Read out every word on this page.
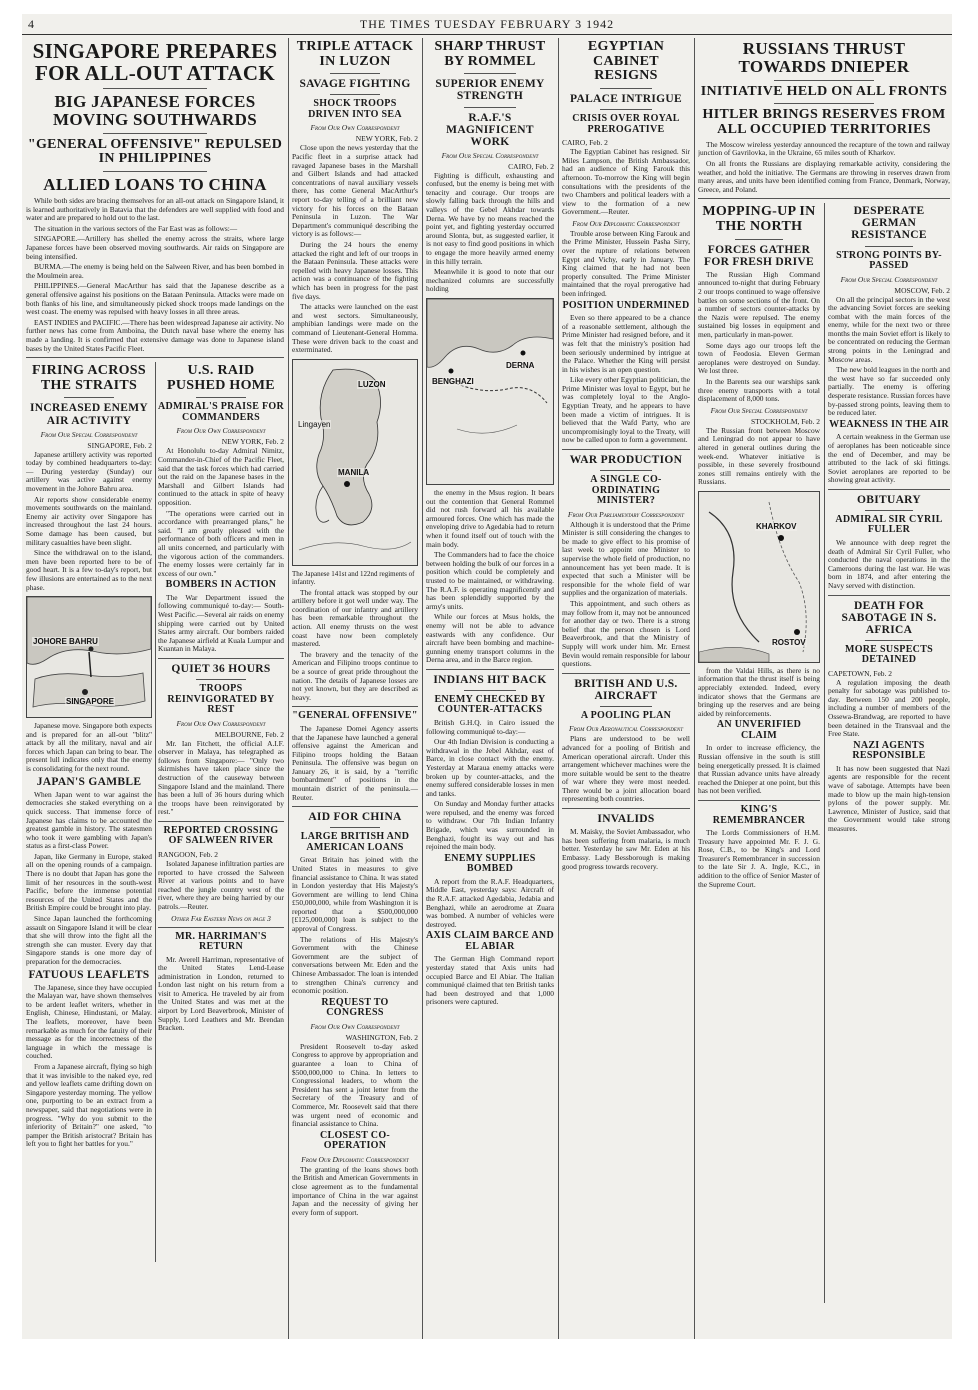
4	THE TIMES TUESDAY FEBRUARY 3 1942
SINGAPORE PREPARES FOR ALL-OUT ATTACK
BIG JAPANESE FORCES MOVING SOUTHWARDS
"GENERAL OFFENSIVE" REPULSED IN PHILIPPINES
ALLIED LOANS TO CHINA

While both sides are bracing themselves for an all-out attack on Singapore Island, it is learned authoritatively in Batavia that the defenders are well supplied with food and water and are prepared to hold out to the last.

The situation in the various sectors of the Far East was as follows:—

SINGAPORE.—Artillery has shelled the enemy across the straits, where large Japanese forces have been observed moving southwards. Air raids on Singapore are being intensified.

BURMA.—The enemy is being held on the Salween River, and has been bombed in the Moulmein area.

PHILIPPINES.—General MacArthur has said that the Japanese describe as a general offensive against his positions on the Bataan Peninsula. Attacks were made on both flanks of his line, and simultaneously picked shock troops made landings on the west coast. The enemy was repulsed with heavy losses in all three areas.

EAST INDIES and PACIFIC.—There has been widespread Japanese air activity. No further news has come from Amboina, the Dutch naval base where the enemy has made a landing. It is confirmed that extensive damage was done to Japanese island bases by the United States Pacific Fleet.

FIRING ACROSS THE STRAITS
INCREASED ENEMY AIR ACTIVITY
From Our Special Correspondent
SINGAPORE, Feb. 2

Japanese artillery activity was reported today by combined headquarters to-day:— During yesterday (Sunday) our artillery was active against enemy movement in the Johore Bahru area.

Air reports show considerable enemy movements southwards on the mainland. Enemy air activity over Singapore has increased throughout the last 24 hours. Some damage has been caused, but military casualties have been slight.

Since the withdrawal on to the island, men have been reported here to be of good heart. It is a few to-day's report, but few illusions are entertained as to the next phase.

JOHORE BAHRU
SINGAPORE

Japanese move. Singapore both expects and is prepared for an all-out "blitz" attack by all the military, naval and air forces which Japan can bring to bear. The present lull indicates only that the enemy is consolidating for the next round.

JAPAN'S GAMBLE

When Japan went to war against the democracies she staked everything on a quick success. That immense force of Japanese has claims to be accounted the greatest gamble in history. The statesmen who took it were gambling with Japan's status as a first-class Power.

Japan, like Germany in Europe, staked all on the opening rounds of a campaign. There is no doubt that Japan has gone the limit of her resources in the south-west Pacific, before the immense potential resources of the United States and the British Empire could be brought into play.

Since Japan launched the forthcoming assault on Singapore Island it will be clear that she will throw into the fight all the strength she can muster. Every day that Singapore stands is one more day of preparation for the democracies.

FATUOUS LEAFLETS

The Japanese, since they have occupied the Malayan war, have shown themselves to be ardent leaflet writers, whether in English, Chinese, Hindustani, or Malay. The leaflets, moreover, have been remarkable as much for the fatuity of their message as for the incorrectness of the language in which the message is couched.

From a Japanese aircraft, flying so high that it was invisible to the naked eye, red and yellow leaflets came drifting down on Singapore yesterday morning. The yellow one, purporting to be an extract from a newspaper, said that negotiations were in progress. "Why do you submit to the inferiority of Britain?" one asked, "to pamper the British aristocrat? Britain has left you to fight her battles for you."

U.S. RAID PUSHED HOME
ADMIRAL'S PRAISE FOR COMMANDERS
From Our Own Correspondent
NEW YORK, Feb. 2

At Honolulu to-day Admiral Nimitz, Commander-in-Chief of the Pacific Fleet, said that the task forces which had carried out the raid on the Japanese bases in the Marshall and Gilbert Islands had continued to the attack in spite of heavy opposition.

"The operations were carried out in accordance with prearranged plans," he said. "I am greatly pleased with the performance of both officers and men in all units concerned, and particularly with the vigorous action of the commanders. The enemy losses were certainly far in excess of our own."

BOMBERS IN ACTION

The War Department issued the following communiqué to-day:— South-West Pacific.—Several air raids on enemy shipping were carried out by United States army aircraft. Our bombers raided the Japanese airfield at Kuala Lumpur and Kuantan in Malaya.

QUIET 36 HOURS
TROOPS REINVIGORATED BY REST
From Our Own Correspondent
MELBOURNE, Feb. 2

Mr. Ian Fitchett, the official A.I.F. observer in Malaya, has telegraphed as follows from Singapore:— "Only two skirmishes have taken place since the destruction of the causeway between Singapore Island and the mainland. There has been a lull of 36 hours during which the troops have been reinvigorated by rest."

REPORTED CROSSING OF SALWEEN RIVER
RANGOON, Feb. 2

Isolated Japanese infiltration parties are reported to have crossed the Salween River at various points and to have reached the jungle country west of the river, where they are being harried by our patrols.—Reuter.

Other Far Eastern News on page 3
MR. HARRIMAN'S RETURN

Mr. Averell Harriman, representative of the United States Lend-Lease administration in London, returned to London last night on his return from a visit to America. He traveled by air from the United States and was met at the airport by Lord Beaverbrook, Minister of Supply, Lord Leathers and Mr. Brendan Bracken.

TRIPLE ATTACK IN LUZON
SAVAGE FIGHTING
SHOCK TROOPS DRIVEN INTO SEA
From Our Own Correspondent
NEW YORK, Feb. 2

Close upon the news yesterday that the Pacific fleet in a surprise attack had ravaged Japanese bases in the Marshall and Gilbert Islands and had attacked concentrations of naval auxiliary vessels there, has come General MacArthur's report to-day telling of a brilliant new victory for his forces on the Bataan Peninsula in Luzon. The War Department's communiqué describing the victory is as follows:—

During the 24 hours the enemy attacked the right and left of our troops in the Bataan Peninsula. These attacks were repelled with heavy Japanese losses. This action was a continuance of the fighting which has been in progress for the past five days.

The attacks were launched on the east and west sectors. Simultaneously, amphibian landings were made on the command of Lieutenant-General Homma. These were driven back to the coast and exterminated.

LUZON
MANILA
Lingayen
The Japanese 141st and 122nd regiments of infantry.

The frontal attack was stopped by our artillery before it got well under way. The coordination of our infantry and artillery has been remarkable throughout the action. All enemy thrusts on the west coast have now been completely mastered.

The bravery and the tenacity of the American and Filipino troops continue to be a source of great pride throughout the nation. The details of Japanese losses are not yet known, but they are described as heavy.

"GENERAL OFFENSIVE"

The Japanese Domei Agency asserts that the Japanese have launched a general offensive against the American and Filipino troops holding the Bataan Peninsula. The offensive was begun on January 26, it is said, by a "terrific bombardment" of positions in the mountain district of the peninsula.—Reuter.

AID FOR CHINA
LARGE BRITISH AND AMERICAN LOANS

Great Britain has joined with the United States in measures to give financial assistance to China. It was stated in London yesterday that His Majesty's Government are willing to lend China £50,000,000, while from Washington it is reported that a $500,000,000 [£125,000,000] loan is subject to the approval of Congress.

The relations of His Majesty's Government with the Chinese Government are the subject of conversations between Mr. Eden and the Chinese Ambassador. The loan is intended to strengthen China's currency and economic position.

REQUEST TO CONGRESS
From Our Own Correspondent
WASHINGTON, Feb. 2

President Roosevelt to-day asked Congress to approve by appropriation and guarantee a loan to China of $500,000,000 to China. In letters to Congressional leaders, to whom the President has sent a joint letter from the Secretary of the Treasury and of Commerce, Mr. Roosevelt said that there was urgent need of economic and financial assistance to China.

CLOSEST CO-OPERATION
From Our Diplomatic Correspondent

The granting of the loans shows both the British and American Governments in close agreement as to the fundamental importance of China in the war against Japan and the necessity of giving her every form of support.

SHARP THRUST BY ROMMEL
SUPERIOR ENEMY STRENGTH
R.A.F.'S MAGNIFICENT WORK
From Our Special Correspondent
CAIRO, Feb. 2

Fighting is difficult, exhausting and confused, but the enemy is being met with tenacity and courage. Our troops are slowly falling back through the hills and valleys of the Gebel Akhdar towards Derna. We have by no means reached the point yet, and fighting yesterday occurred around Slonta, but, as suggested earlier, it is not easy to find good positions in which to engage the more heavily armed enemy in this hilly terrain.

Meanwhile it is good to note that our mechanized columns are successfully holding

BENGHAZI
DERNA

the enemy in the Msus region. It bears out the contention that General Rommel did not rush forward all his available armoured forces. One which has made the enveloping drive to Agedabia had to return when it found itself out of touch with the main body.

The Commanders had to face the choice between holding the bulk of our forces in a position which could be completely and trusted to be maintained, or withdrawing. The R.A.F. is operating magnificently and has been splendidly supported by the army's units.

While our forces at Msus holds, the enemy will not be able to advance eastwards with any confidence. Our aircraft have been bombing and machine-gunning enemy transport columns in the Derna area, and in the Barce region.

INDIANS HIT BACK
ENEMY CHECKED BY COUNTER-ATTACKS

British G.H.Q. in Cairo issued the following communiqué to-day:—

Our 4th Indian Division is conducting a withdrawal in the Jebel Akhdar, east of Barce, in close contact with the enemy. Yesterday at Maraua enemy attacks were broken up by counter-attacks, and the enemy suffered considerable losses in men and tanks.

On Sunday and Monday further attacks were repulsed, and the enemy was forced to withdraw. Our 7th Indian Infantry Brigade, which was surrounded in Benghazi, fought its way out and has rejoined the main body.

ENEMY SUPPLIES BOMBED

A report from the R.A.F. Headquarters, Middle East, yesterday says: Aircraft of the R.A.F. attacked Agedabia, Jedabia and Benghazi, while an aerodrome at Zuara was bombed. A number of vehicles were destroyed.

AXIS CLAIM BARCE AND EL ABIAR

The German High Command report yesterday stated that Axis units had occupied Barce and El Abiar. The Italian communiqué claimed that ten British tanks had been destroyed and that 1,000 prisoners were captured.

EGYPTIAN CABINET RESIGNS
PALACE INTRIGUE
CRISIS OVER ROYAL PREROGATIVE
CAIRO, Feb. 2

The Egyptian Cabinet has resigned. Sir Miles Lampson, the British Ambassador, had an audience of King Farouk this afternoon. To-morrow the King will begin consultations with the presidents of the two Chambers and political leaders with a view to the formation of a new Government.—Reuter.

From Our Diplomatic Correspondent

Trouble arose between King Farouk and the Prime Minister, Hussein Pasha Sirry, over the rupture of relations between Egypt and Vichy, early in January. The King claimed that he had not been properly consulted. The Prime Minister maintained that the royal prerogative had been infringed.

POSITION UNDERMINED

Even so there appeared to be a chance of a reasonable settlement, although the Prime Minister had resigned before, and it was felt that the ministry's position had been seriously undermined by intrigue at the Palace. Whether the King will persist in his wishes is an open question.

Like every other Egyptian politician, the Prime Minister was loyal to Egypt, but he was completely loyal to the Anglo-Egyptian Treaty, and he appears to have been made a victim of intrigues. It is believed that the Wafd Party, who are uncompromisingly loyal to the Treaty, will now be called upon to form a government.

WAR PRODUCTION
A SINGLE CO-ORDINATING MINISTER?
From Our Parliamentary Correspondent

Although it is understood that the Prime Minister is still considering the changes to be made to give effect to his promise of last week to appoint one Minister to supervise the whole field of production, no announcement has yet been made. It is expected that such a Minister will be responsible for the whole field of war supplies and the organization of materials.

This appointment, and such others as may follow from it, may not be announced for another day or two. There is a strong belief that the person chosen is Lord Beaverbrook, and that the Ministry of Supply will work under him. Mr. Ernest Bevin would remain responsible for labour questions.

BRITISH AND U.S. AIRCRAFT
A POOLING PLAN
From Our Aeronautical Correspondent

Plans are understood to be well advanced for a pooling of British and American operational aircraft. Under this arrangement whichever machines were the more suitable would be sent to the theatre of war where they were most needed. There would be a joint allocation board representing both countries.

INVALIDS

M. Maisky, the Soviet Ambassador, who has been suffering from malaria, is much better. Yesterday he saw Mr. Eden at his Embassy. Lady Bessborough is making good progress towards recovery.

RUSSIANS THRUST TOWARDS DNIEPER
INITIATIVE HELD ON ALL FRONTS
HITLER BRINGS RESERVES FROM ALL OCCUPIED TERRITORIES

The Moscow wireless yesterday announced the recapture of the town and railway junction of Gavrilovka, in the Ukraine, 65 miles south of Kharkov.

On all fronts the Russians are displaying remarkable activity, considering the weather, and hold the initiative. The Germans are throwing in reserves drawn from many areas, and units have been identified coming from France, Denmark, Norway, Greece, and Poland.

MOPPING-UP IN THE NORTH
FORCES GATHER FOR FRESH DRIVE

The Russian High Command announced to-night that during February 2 our troops continued to wage offensive battles on some sections of the front. On a number of sectors counter-attacks by the Nazis were repulsed. The enemy sustained big losses in equipment and men, particularly in man-power.

Some days ago our troops left the town of Feodosia. Eleven German aeroplanes were destroyed on Sunday. We lost three.

In the Barents sea our warships sank three enemy transports with a total displacement of 8,000 tons.

From Our Special Correspondent
STOCKHOLM, Feb. 2

The Russian front between Moscow and Leningrad do not appear to have altered in general outlines during the week-end. Whatever initiative is possible, in these severely frostbound zones still remains entirely with the Russians.

KHARKOV
ROSTOV

from the Valdai Hills, as there is no information that the thrust itself is being appreciably extended. Indeed, every indicator shows that the Germans are bringing up the reserves and are being aided by reinforcements.

AN UNVERIFIED CLAIM

In order to increase efficiency, the Russian offensive in the south is still being energetically pressed. It is claimed that Russian advance units have already reached the Dnieper at one point, but this has not been verified.

KING'S REMEMBRANCER

The Lords Commissioners of H.M. Treasury have appointed Mr. F. J. G. Rose, C.B., to be King's and Lord Treasurer's Remembrancer in succession to the late Sir J. A. Ingle, K.C., in addition to the office of Senior Master of the Supreme Court.

DESPERATE GERMAN RESISTANCE
STRONG POINTS BY-PASSED
From Our Special Correspondent
MOSCOW, Feb. 2

On all the principal sectors in the west the advancing Soviet forces are seeking combat with the main forces of the enemy, while for the next two or three months the main Soviet effort is likely to be concentrated on reducing the German strong points in the Leningrad and Moscow areas.

The new bold leagues in the north and the west have so far succeeded only partially. The enemy is offering desperate resistance. Russian forces have by-passed strong points, leaving them to be reduced later.

WEAKNESS IN THE AIR

A certain weakness in the German use of aeroplanes has been noticeable since the end of December, and may be attributed to the lack of ski fittings. Soviet aeroplanes are reported to be showing great activity.

OBITUARY
ADMIRAL SIR CYRIL FULLER

We announce with deep regret the death of Admiral Sir Cyril Fuller, who conducted the naval operations in the Cameroons during the last war. He was born in 1874, and after entering the Navy served with distinction.

DEATH FOR SABOTAGE IN S. AFRICA
MORE SUSPECTS DETAINED
CAPETOWN, Feb. 2

A regulation imposing the death penalty for sabotage was published to-day. Between 150 and 200 people, including a number of members of the Ossewa-Brandwag, are reported to have been detained in the Transvaal and the Free State.

NAZI AGENTS RESPONSIBLE

It has now been suggested that Nazi agents are responsible for the recent wave of sabotage. Attempts have been made to blow up the main high-tension pylons of the power supply. Mr. Lawrence, Minister of Justice, said that the Government would take strong measures.
